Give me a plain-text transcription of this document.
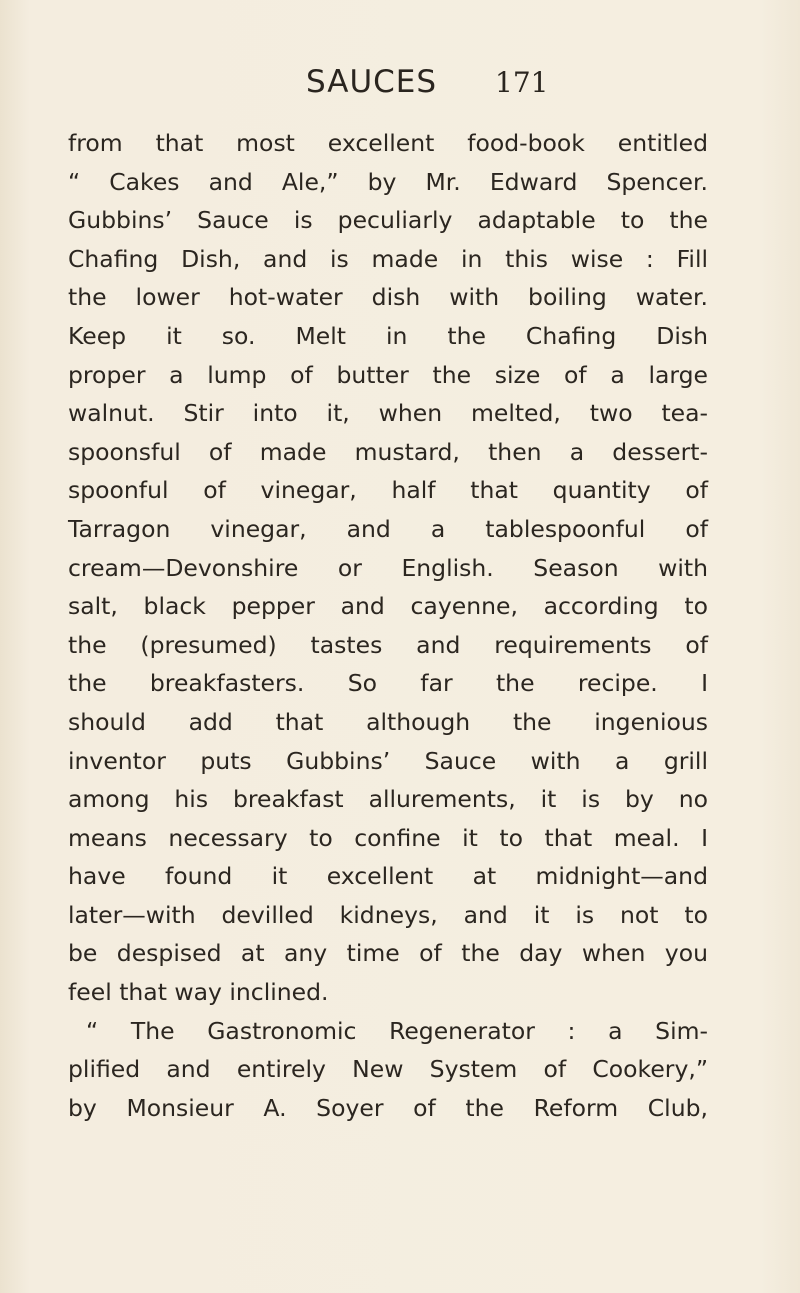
SAUCES 171
from that most excellent food-book entitled
“ Cakes and Ale,” by Mr. Edward Spencer.
Gubbins’ Sauce is peculiarly adaptable to the
Chafing Dish, and is made in this wise : Fill
the lower hot-water dish with boiling water.
Keep it so. Melt in the Chafing Dish
proper a lump of butter the size of a large
walnut. Stir into it, when melted, two tea-
spoonsful of made mustard, then a dessert-
spoonful of vinegar, half that quantity of
Tarragon vinegar, and a tablespoonful of
cream—Devonshire or English. Season with
salt, black pepper and cayenne, according to
the (presumed) tastes and requirements of
the breakfasters. So far the recipe. I
should add that although the ingenious
inventor puts Gubbins’ Sauce with a grill
among his breakfast allurements, it is by no
means necessary to confine it to that meal. I
have found it excellent at midnight—and
later—with devilled kidneys, and it is not to
be despised at any time of the day when you
feel that way inclined.
“ The Gastronomic Regenerator : a Sim-
plified and entirely New System of Cookery,”
by Monsieur A. Soyer of the Reform Club,
